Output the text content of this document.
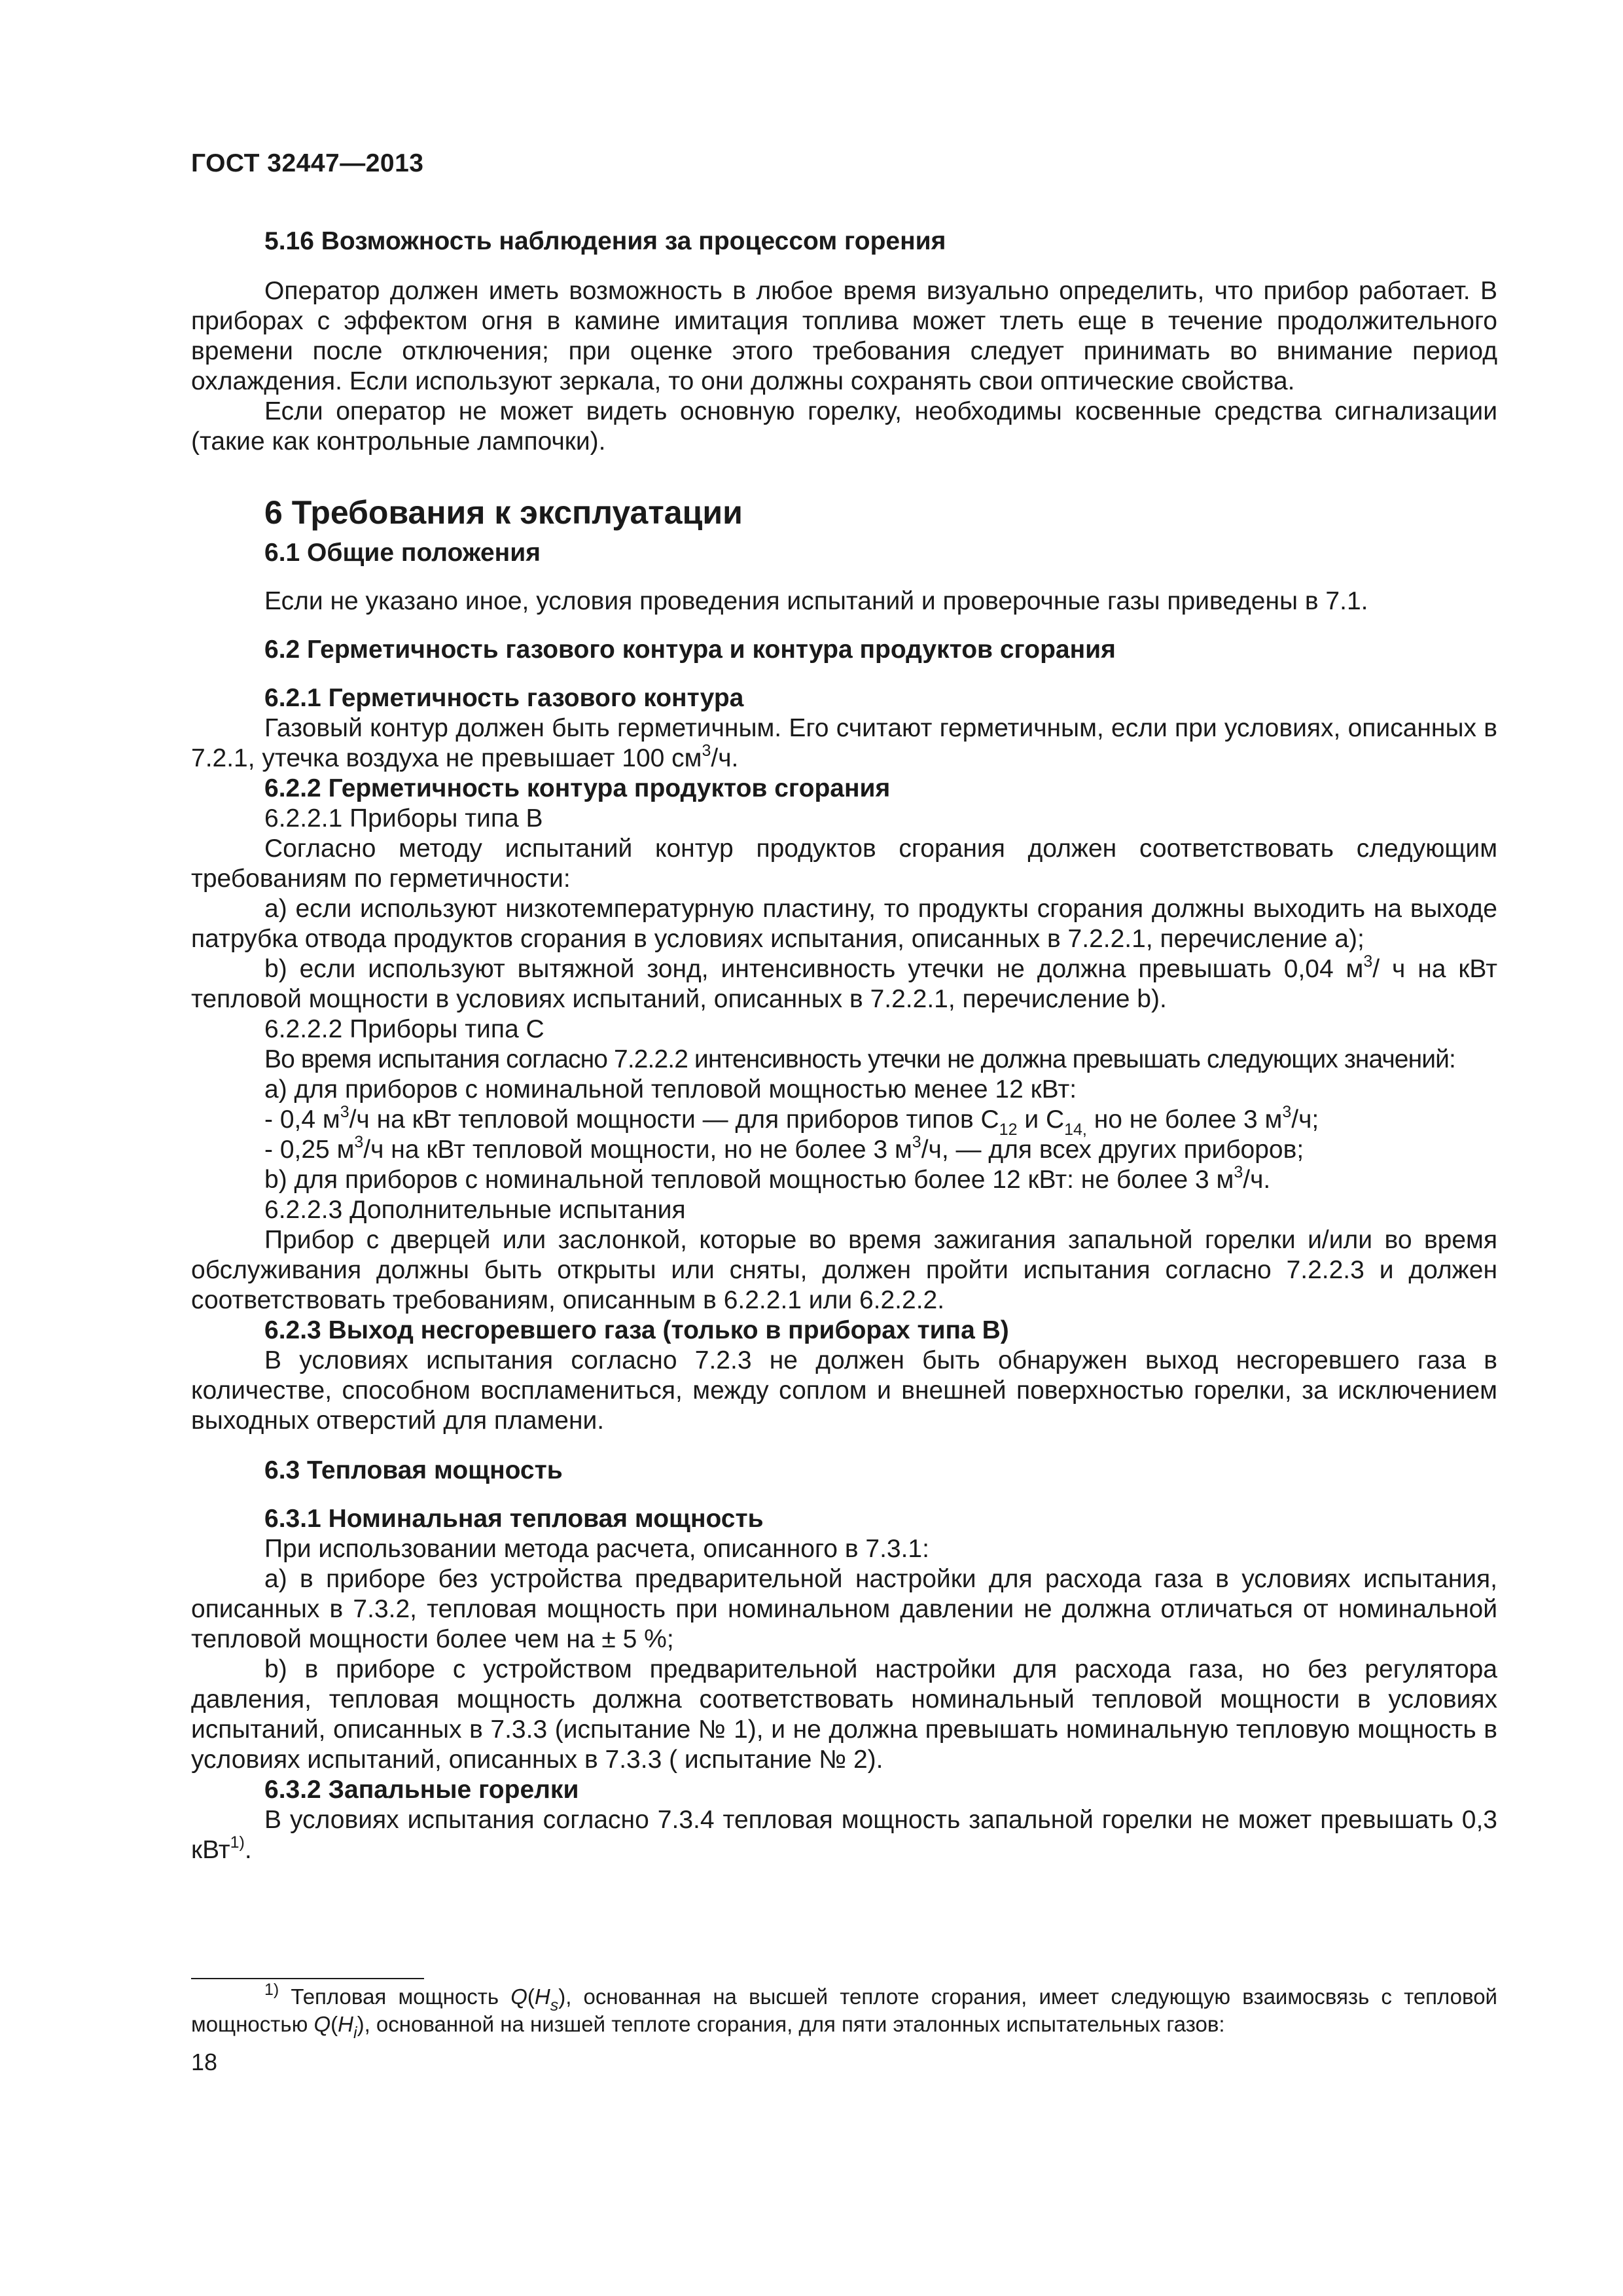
ГОСТ 32447—2013
5.16 Возможность наблюдения за процессом горения

Оператор должен иметь возможность в любое время визуально определить, что прибор работает. В приборах с эффектом огня в камине имитация топлива может тлеть еще в течение продолжительного времени после отключения; при оценке этого требования следует принимать во внимание период охлаждения. Если используют зеркала, то они должны сохранять свои оптические свойства.

Если оператор не может видеть основную горелку, необходимы косвенные средства сигнализации (такие как контрольные лампочки).

6 Требования к эксплуатации
6.1 Общие положения

Если не указано иное, условия проведения испытаний и проверочные газы приведены в 7.1.

6.2 Герметичность газового контура и контура продуктов сгорания
6.2.1 Герметичность газового контура

Газовый контур должен быть герметичным. Его считают герметичным, если при условиях, описанных в 7.2.1, утечка воздуха не превышает 100 $см^3/ч$.

6.2.2 Герметичность контура продуктов сгорания

6.2.2.1 Приборы типа В

Согласно методу испытаний контур продуктов сгорания должен соответствовать следующим требованиям по герметичности:

a) если используют низкотемпературную пластину, то продукты сгорания должны выходить на выходе патрубка отвода продуктов сгорания в условиях испытания, описанных в 7.2.2.1, перечисление а);

b) если используют вытяжной зонд, интенсивность утечки не должна превышать 0,04 $м^3/$ ч на кВт тепловой мощности в условиях испытаний, описанных в 7.2.2.1, перечисление b).

6.2.2.2 Приборы типа С

Во время испытания согласно 7.2.2.2 интенсивность утечки не должна превышать следующих значений:

а) для приборов с номинальной тепловой мощностью менее 12 кВт:

- 0,4 $м^3/ч$ на кВт тепловой мощности — для приборов типов $С_{12}$ и $С_{14,}$ но не более 3 $м^3/ч$;

- 0,25 $м^3/ч$ на кВт тепловой мощности, но не более 3 $м^3/ч$, — для всех других приборов;

b) для приборов с номинальной тепловой мощностью более 12 кВт: не более 3 $м^3/ч$.

6.2.2.3 Дополнительные испытания

Прибор с дверцей или заслонкой, которые во время зажигания запальной горелки и/или во время обслуживания должны быть открыты или сняты, должен пройти испытания согласно 7.2.2.3 и должен соответствовать требованиям, описанным в 6.2.2.1 или 6.2.2.2.

6.2.3 Выход несгоревшего газа (только в приборах типа В)

В условиях испытания согласно 7.2.3 не должен быть обнаружен выход несгоревшего газа в количестве, способном воспламениться, между соплом и внешней поверхностью горелки, за исключением выходных отверстий для пламени.

6.3 Тепловая мощность
6.3.1 Номинальная тепловая мощность

При использовании метода расчета, описанного в 7.3.1:

а) в приборе без устройства предварительной настройки для расхода газа в условиях испытания, описанных в 7.3.2, тепловая мощность при номинальном давлении не должна отличаться от номинальной тепловой мощности более чем на ± 5 %;

b) в приборе с устройством предварительной настройки для расхода газа, но без регулятора давления, тепловая мощность должна соответствовать номинальный тепловой мощности в условиях испытаний, описанных в 7.3.3 (испытание № 1), и не должна превышать номинальную тепловую мощность в условиях испытаний, описанных в 7.3.3 ( испытание № 2).

6.3.2 Запальные горелки

В условиях испытания согласно 7.3.4 тепловая мощность запальной горелки не может превышать 0,3 кВт$^{1)}$.

$^{1)}$ Тепловая мощность $Q(H_s)$, основанная на высшей теплоте сгорания, имеет следующую взаимосвязь с тепловой мощностью $Q(H_i)$, основанной на низшей теплоте сгорания, для пяти эталонных испытательных газов:

18
